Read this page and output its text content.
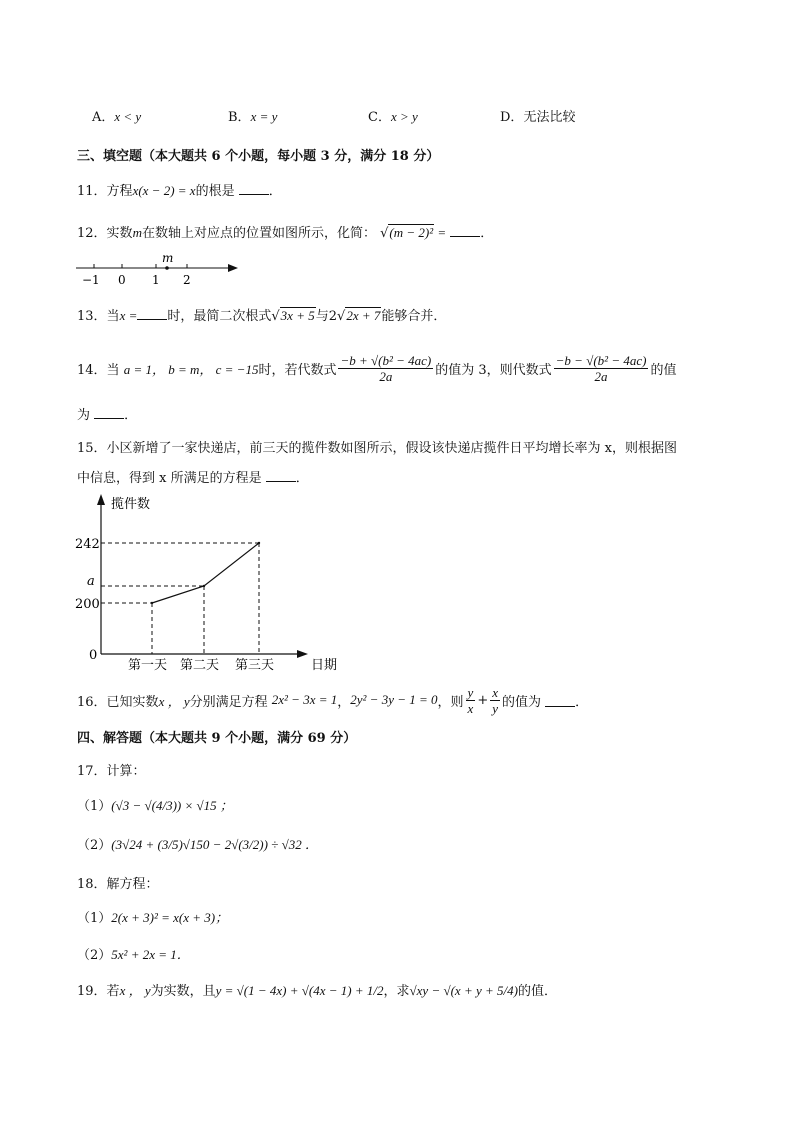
A．x < y	B．x = y	C．x > y	D．无法比较
三、填空题（本大题共 6 个小题，每小题 3 分，满分 18 分）
11．方程x(x − 2) = x的根是	．
12．实数m在数轴上对应点的位置如图所示，化简： √(m − 2)² =	．
m
−1 0 1 2
13．当x = 时，最简二次根式√3x + 5与2√2x + 7能够合并．
14． 当
a = 1， b = m， c = −15 时，若代数式 $\frac{\text{−b + √(b² − 4ac)}}{2a}$ 的值为 3，则代数式 $\frac{\text{−b − √(b² − 4ac)}}{2a}$ 的值
为	．
15．小区新增了一家快递店，前三天的揽件数如图所示，假设该快递店揽件日平均增长率为 x，则根据图
中信息，得到 x 所满足的方程是	．
揽件数
日期
0
200
a
242
第一天 第二天 第三天
16． 已知实数 x ， y 分别满足方程
2x² − 3x = 1 ， 2y² − 3y − 1 = 0 ，则 $\frac{y}{x} + \frac{x}{y}$ 的值为
	．
四、解答题（本大题共 9 个小题，满分 69 分）
17．计算：
（1）(√3 − √(4/3)) × √15 ；
（2）(3√24 + (3/5)√150 − 2√(3/2)) ÷ √32 ．
18．解方程：
（1）2(x + 3)² = x(x + 3)；
（2）5x² + 2x = 1．
19．若x ， y为实数，且y = √(1 − 4x) + √(4x − 1) + 1/2，求√xy − √(x + y + 5/4)的值．
